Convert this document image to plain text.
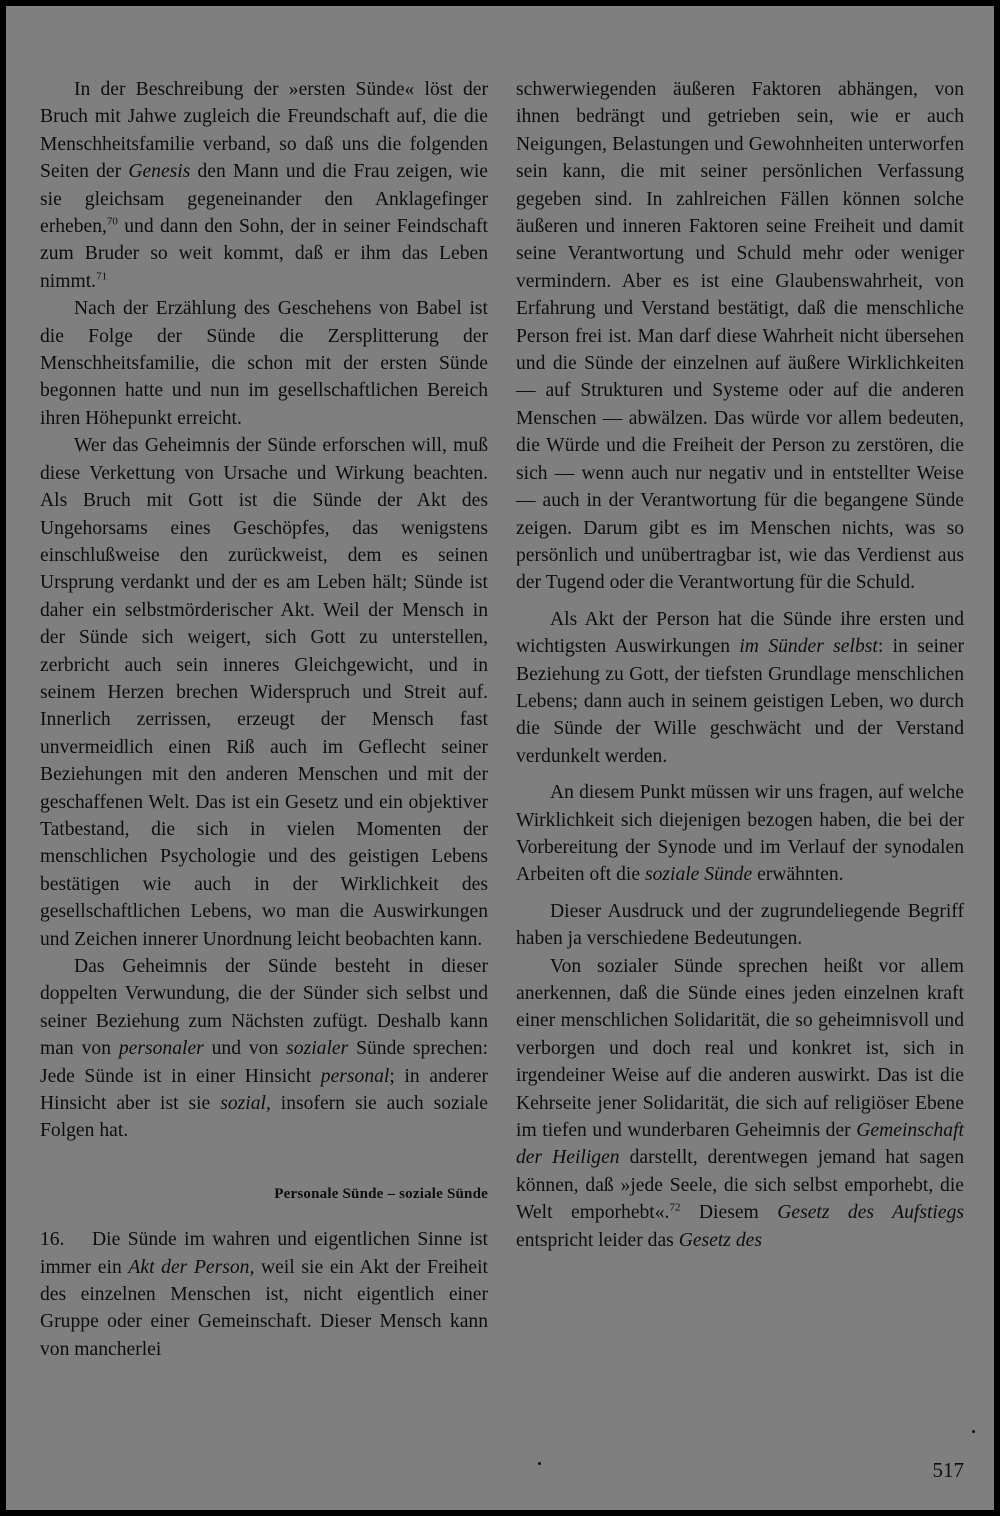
In der Beschreibung der »ersten Sünde« löst der Bruch mit Jahwe zugleich die Freundschaft auf, die die Menschheitsfamilie verband, so daß uns die folgenden Seiten der Genesis den Mann und die Frau zeigen, wie sie gleichsam gegeneinander den Anklagefinger erheben,$^{70}$ und dann den Sohn, der in seiner Feindschaft zum Bruder so weit kommt, daß er ihm das Leben nimmt.$^{71}$

Nach der Erzählung des Geschehens von Babel ist die Folge der Sünde die Zersplitterung der Menschheitsfamilie, die schon mit der ersten Sünde begonnen hatte und nun im gesellschaftlichen Bereich ihren Höhepunkt erreicht.

Wer das Geheimnis der Sünde erforschen will, muß diese Verkettung von Ursache und Wirkung beachten. Als Bruch mit Gott ist die Sünde der Akt des Ungehorsams eines Geschöpfes, das wenigstens einschlußweise den zurückweist, dem es seinen Ursprung verdankt und der es am Leben hält; Sünde ist daher ein selbstmörderischer Akt. Weil der Mensch in der Sünde sich weigert, sich Gott zu unterstellen, zerbricht auch sein inneres Gleichgewicht, und in seinem Herzen brechen Widerspruch und Streit auf. Innerlich zerrissen, erzeugt der Mensch fast unvermeidlich einen Riß auch im Geflecht seiner Beziehungen mit den anderen Menschen und mit der geschaffenen Welt. Das ist ein Gesetz und ein objektiver Tatbestand, die sich in vielen Momenten der menschlichen Psychologie und des geistigen Lebens bestätigen wie auch in der Wirklichkeit des gesellschaftlichen Lebens, wo man die Auswirkungen und Zeichen innerer Unordnung leicht beobachten kann.

Das Geheimnis der Sünde besteht in dieser doppelten Verwundung, die der Sünder sich selbst und seiner Beziehung zum Nächsten zufügt. Deshalb kann man von personaler und von sozialer Sünde sprechen: Jede Sünde ist in einer Hinsicht personal; in anderer Hinsicht aber ist sie sozial, insofern sie auch soziale Folgen hat.

Personale Sünde – soziale Sünde

16. Die Sünde im wahren und eigentlichen Sinne ist immer ein Akt der Person, weil sie ein Akt der Freiheit des einzelnen Menschen ist, nicht eigentlich einer Gruppe oder einer Gemeinschaft. Dieser Mensch kann von mancherlei

schwerwiegenden äußeren Faktoren abhängen, von ihnen bedrängt und getrieben sein, wie er auch Neigungen, Belastungen und Gewohnheiten unterworfen sein kann, die mit seiner persönlichen Verfassung gegeben sind. In zahlreichen Fällen können solche äußeren und inneren Faktoren seine Freiheit und damit seine Verantwortung und Schuld mehr oder weniger vermindern. Aber es ist eine Glaubenswahrheit, von Erfahrung und Verstand bestätigt, daß die menschliche Person frei ist. Man darf diese Wahrheit nicht übersehen und die Sünde der einzelnen auf äußere Wirklichkeiten — auf Strukturen und Systeme oder auf die anderen Menschen — abwälzen. Das würde vor allem bedeuten, die Würde und die Freiheit der Person zu zerstören, die sich — wenn auch nur negativ und in entstellter Weise — auch in der Verantwortung für die begangene Sünde zeigen. Darum gibt es im Menschen nichts, was so persönlich und unübertragbar ist, wie das Verdienst aus der Tugend oder die Verantwortung für die Schuld.

Als Akt der Person hat die Sünde ihre ersten und wichtigsten Auswirkungen im Sünder selbst: in seiner Beziehung zu Gott, der tiefsten Grundlage menschlichen Lebens; dann auch in seinem geistigen Leben, wo durch die Sünde der Wille geschwächt und der Verstand verdunkelt werden.

An diesem Punkt müssen wir uns fragen, auf welche Wirklichkeit sich diejenigen bezogen haben, die bei der Vorbereitung der Synode und im Verlauf der synodalen Arbeiten oft die soziale Sünde erwähnten.

Dieser Ausdruck und der zugrundeliegende Begriff haben ja verschiedene Bedeutungen.

Von sozialer Sünde sprechen heißt vor allem anerkennen, daß die Sünde eines jeden einzelnen kraft einer menschlichen Solidarität, die so geheimnisvoll und verborgen und doch real und konkret ist, sich in irgendeiner Weise auf die anderen auswirkt. Das ist die Kehrseite jener Solidarität, die sich auf religiöser Ebene im tiefen und wunderbaren Geheimnis der Gemeinschaft der Heiligen darstellt, derentwegen jemand hat sagen können, daß »jede Seele, die sich selbst emporhebt, die Welt emporhebt«.$^{72}$ Diesem Gesetz des Aufstiegs entspricht leider das Gesetz des

517
